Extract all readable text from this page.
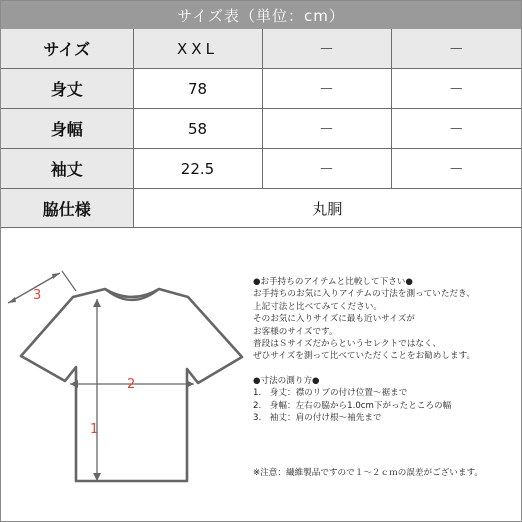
サイズ表（単位：cm）
サイズ	XXL	－	－
身丈	78	－	－
身幅	58	－	－
袖丈	22.5	－	－
脇仕様	丸胴		
3
2
1
●お手持ちのアイテムと比較して下さい●
お手持ちのお気に入りアイテムの寸法を測っていただき、
上記寸法と比べてみてください。
そのお気に入りサイズに最も近いサイズが
お客様のサイズです。
普段はＳサイズだからというセレクトではなく、
ぜひサイズを測って比べていただくことをお勧めします。
●寸法の測り方●
1.　身丈：襟のリブの付け位置～裾まで
2.　身幅：左右の脇から1.0cm下がったところの幅
3.　袖丈：肩の付け根～袖先まで
※注意：繊維製品ですので１～２ｃｍの誤差がございます。
